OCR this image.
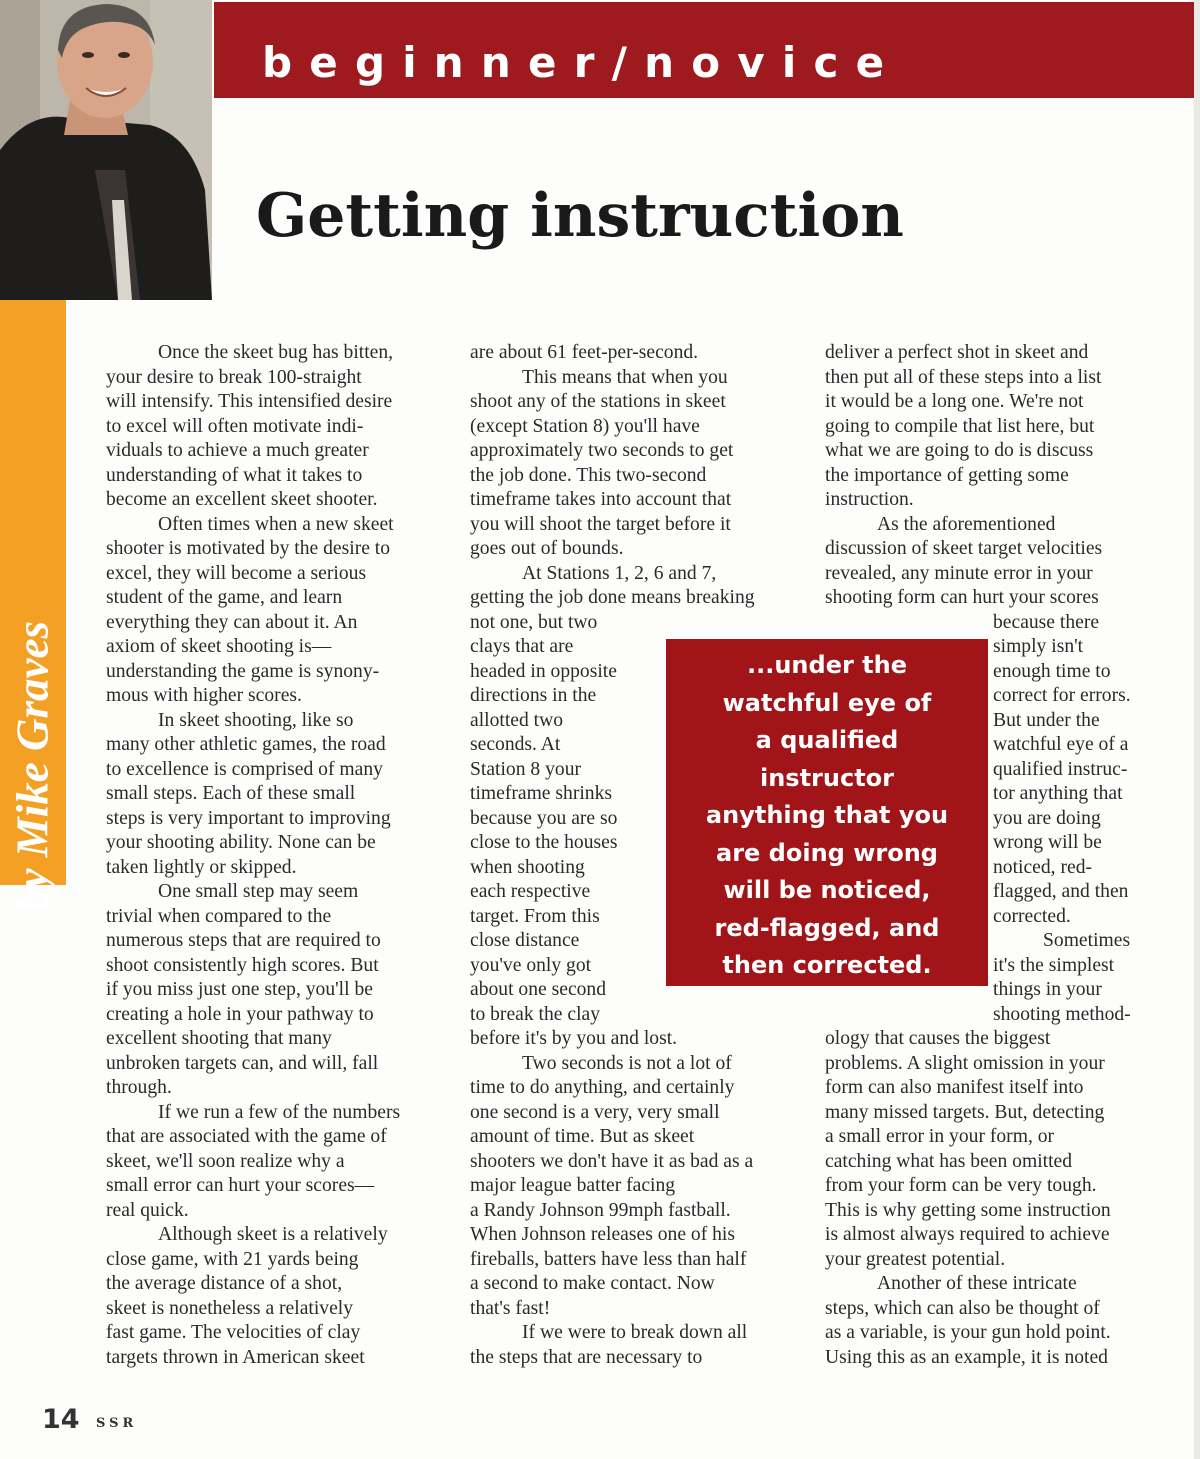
beginner/novice
by Mike Graves
Getting instruction
Once the skeet bug has bitten,
your desire to break 100-straight
will intensify. This intensified desire
to excel will often motivate indi-
viduals to achieve a much greater
understanding of what it takes to
become an excellent skeet shooter.
Often times when a new skeet
shooter is motivated by the desire to
excel, they will become a serious
student of the game, and learn
everything they can about it. An
axiom of skeet shooting is—
understanding the game is synony-
mous with higher scores.
In skeet shooting, like so
many other athletic games, the road
to excellence is comprised of many
small steps. Each of these small
steps is very important to improving
your shooting ability. None can be
taken lightly or skipped.
One small step may seem
trivial when compared to the
numerous steps that are required to
shoot consistently high scores. But
if you miss just one step, you'll be
creating a hole in your pathway to
excellent shooting that many
unbroken targets can, and will, fall
through.
If we run a few of the numbers
that are associated with the game of
skeet, we'll soon realize why a
small error can hurt your scores—
real quick.
Although skeet is a relatively
close game, with 21 yards being
the average distance of a shot,
skeet is nonetheless a relatively
fast game. The velocities of clay
targets thrown in American skeet
are about 61 feet-per-second.
This means that when you
shoot any of the stations in skeet
(except Station 8) you'll have
approximately two seconds to get
the job done. This two-second
timeframe takes into account that
you will shoot the target before it
goes out of bounds.
At Stations 1, 2, 6 and 7,
getting the job done means breaking
not one, but two
clays that are
headed in opposite
directions in the
allotted two
seconds. At
Station 8 your
timeframe shrinks
because you are so
close to the houses
when shooting
each respective
target. From this
close distance
you've only got
about one second
to break the clay
before it's by you and lost.
Two seconds is not a lot of
time to do anything, and certainly
one second is a very, very small
amount of time. But as skeet
shooters we don't have it as bad as a
major league batter facing
a Randy Johnson 99mph fastball.
When Johnson releases one of his
fireballs, batters have less than half
a second to make contact. Now
that's fast!
If we were to break down all
the steps that are necessary to
deliver a perfect shot in skeet and
then put all of these steps into a list
it would be a long one. We're not
going to compile that list here, but
what we are going to do is discuss
the importance of getting some
instruction.
As the aforementioned
discussion of skeet target velocities
revealed, any minute error in your
shooting form can hurt your scores
because there
simply isn't
enough time to
correct for errors.
But under the
watchful eye of a
qualified instruc-
tor anything that
you are doing
wrong will be
noticed, red-
flagged, and then
corrected.
Sometimes
it's the simplest
things in your
shooting method-
ology that causes the biggest
problems. A slight omission in your
form can also manifest itself into
many missed targets. But, detecting
a small error in your form, or
catching what has been omitted
from your form can be very tough.
This is why getting some instruction
is almost always required to achieve
your greatest potential.
Another of these intricate
steps, which can also be thought of
as a variable, is your gun hold point.
Using this as an example, it is noted
...under the
watchful eye of
a qualified
instructor
anything that you
are doing wrong
will be noticed,
red-flagged, and
then corrected.
14 SSR
